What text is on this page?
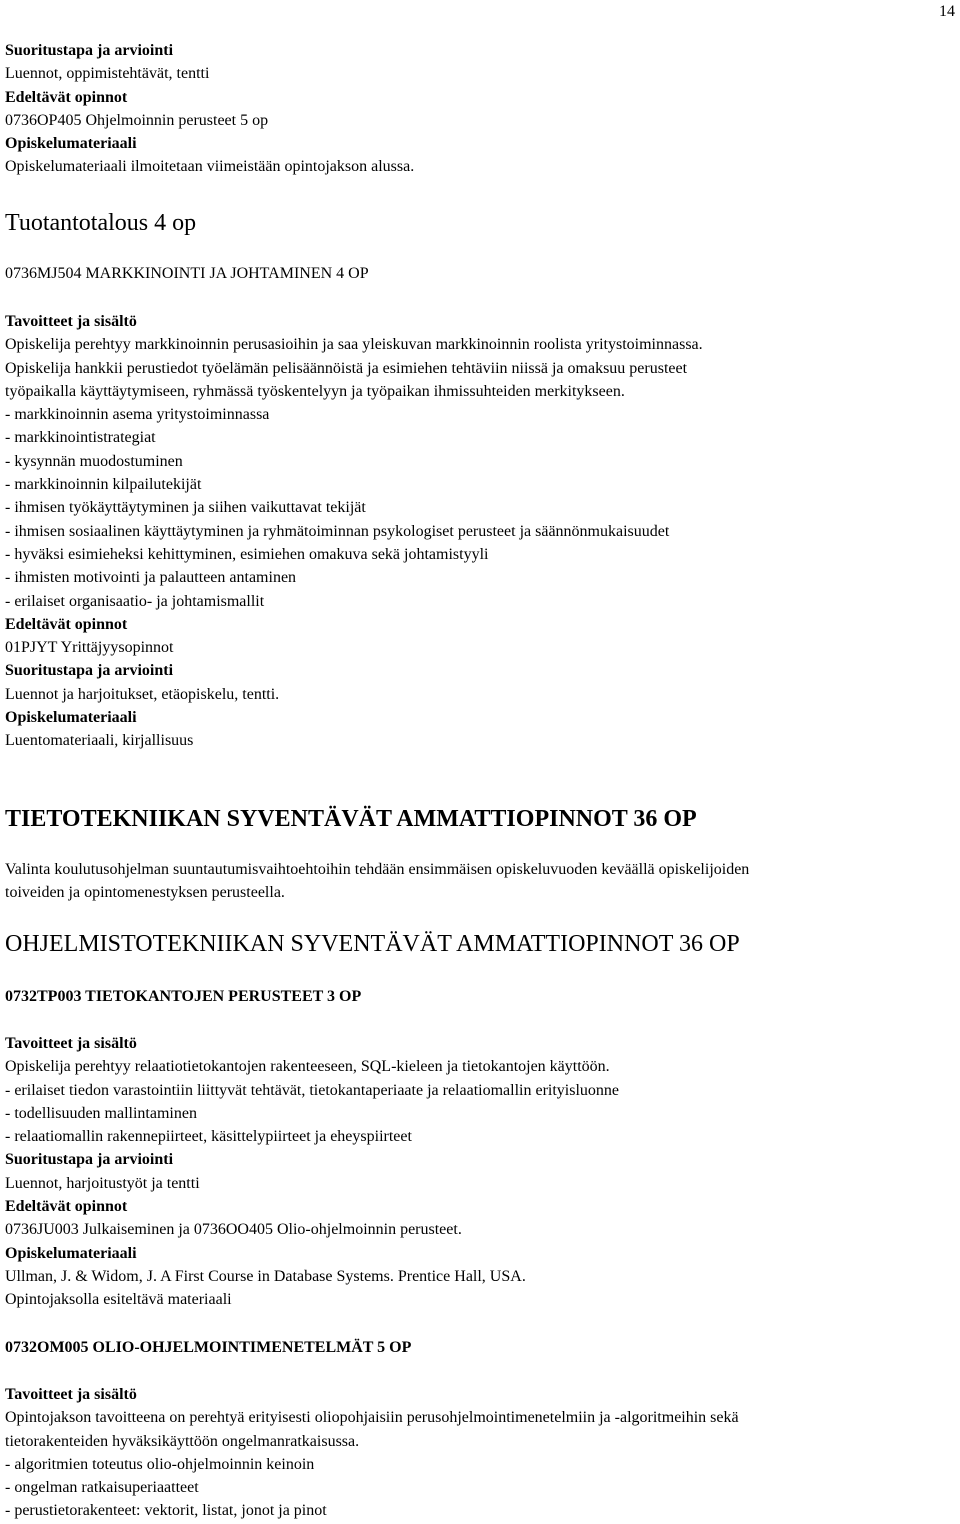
14
Suoritustapa ja arviointi
Luennot, oppimistehtävät, tentti
Edeltävät opinnot
0736OP405 Ohjelmoinnin perusteet 5 op
Opiskelumateriaali
Opiskelumateriaali ilmoitetaan viimeistään opintojakson alussa.
Tuotantotalous 4 op
0736MJ504 MARKKINOINTI JA JOHTAMINEN 4 OP
Tavoitteet ja sisältö
Opiskelija perehtyy markkinoinnin perusasioihin ja saa yleiskuvan markkinoinnin roolista yritystoiminnassa.
Opiskelija hankkii perustiedot työelämän pelisäännöistä ja esimiehen tehtäviin niissä ja omaksuu perusteet
työpaikalla käyttäytymiseen, ryhmässä työskentelyyn ja työpaikan ihmissuhteiden merkitykseen.
- markkinoinnin asema yritystoiminnassa
- markkinointistrategiat
- kysynnän muodostuminen
- markkinoinnin kilpailutekijät
- ihmisen työkäyttäytyminen ja siihen vaikuttavat tekijät
- ihmisen sosiaalinen käyttäytyminen ja ryhmätoiminnan psykologiset perusteet ja säännönmukaisuudet
- hyväksi esimieheksi kehittyminen, esimiehen omakuva sekä johtamistyyli
- ihmisten motivointi ja palautteen antaminen
- erilaiset organisaatio- ja johtamismallit
Edeltävät opinnot
01PJYT Yrittäjyysopinnot
Suoritustapa ja arviointi
Luennot ja harjoitukset, etäopiskelu, tentti.
Opiskelumateriaali
Luentomateriaali, kirjallisuus
TIETOTEKNIIKAN SYVENTÄVÄT AMMATTIOPINNOT 36 OP
Valinta koulutusohjelman suuntautumisvaihtoehtoihin tehdään ensimmäisen opiskeluvuoden keväällä opiskelijoiden
toiveiden ja opintomenestyksen perusteella.
OHJELMISTOTEKNIIKAN SYVENTÄVÄT AMMATTIOPINNOT 36 OP
0732TP003 TIETOKANTOJEN PERUSTEET 3 OP
Tavoitteet ja sisältö
Opiskelija perehtyy relaatiotietokantojen rakenteeseen, SQL-kieleen ja tietokantojen käyttöön.
- erilaiset tiedon varastointiin liittyvät tehtävät, tietokantaperiaate ja relaatiomallin erityisluonne
- todellisuuden mallintaminen
- relaatiomallin rakennepiirteet, käsittelypiirteet ja eheyspiirteet
Suoritustapa ja arviointi
Luennot, harjoitustyöt ja tentti
Edeltävät opinnot
0736JU003 Julkaiseminen ja 0736OO405 Olio-ohjelmoinnin perusteet.
Opiskelumateriaali
Ullman, J. & Widom, J. A First Course in Database Systems. Prentice Hall, USA.
Opintojaksolla esiteltävä materiaali
0732OM005 OLIO-OHJELMOINTIMENETELMÄT 5 OP
Tavoitteet ja sisältö
Opintojakson tavoitteena on perehtyä erityisesti oliopohjaisiin perusohjelmointimenetelmiin ja -algoritmeihin sekä
tietorakenteiden hyväksikäyttöön ongelmanratkaisussa.
- algoritmien toteutus olio-ohjelmoinnin keinoin
- ongelman ratkaisuperiaatteet
- perustietorakenteet: vektorit, listat, jonot ja pinot
